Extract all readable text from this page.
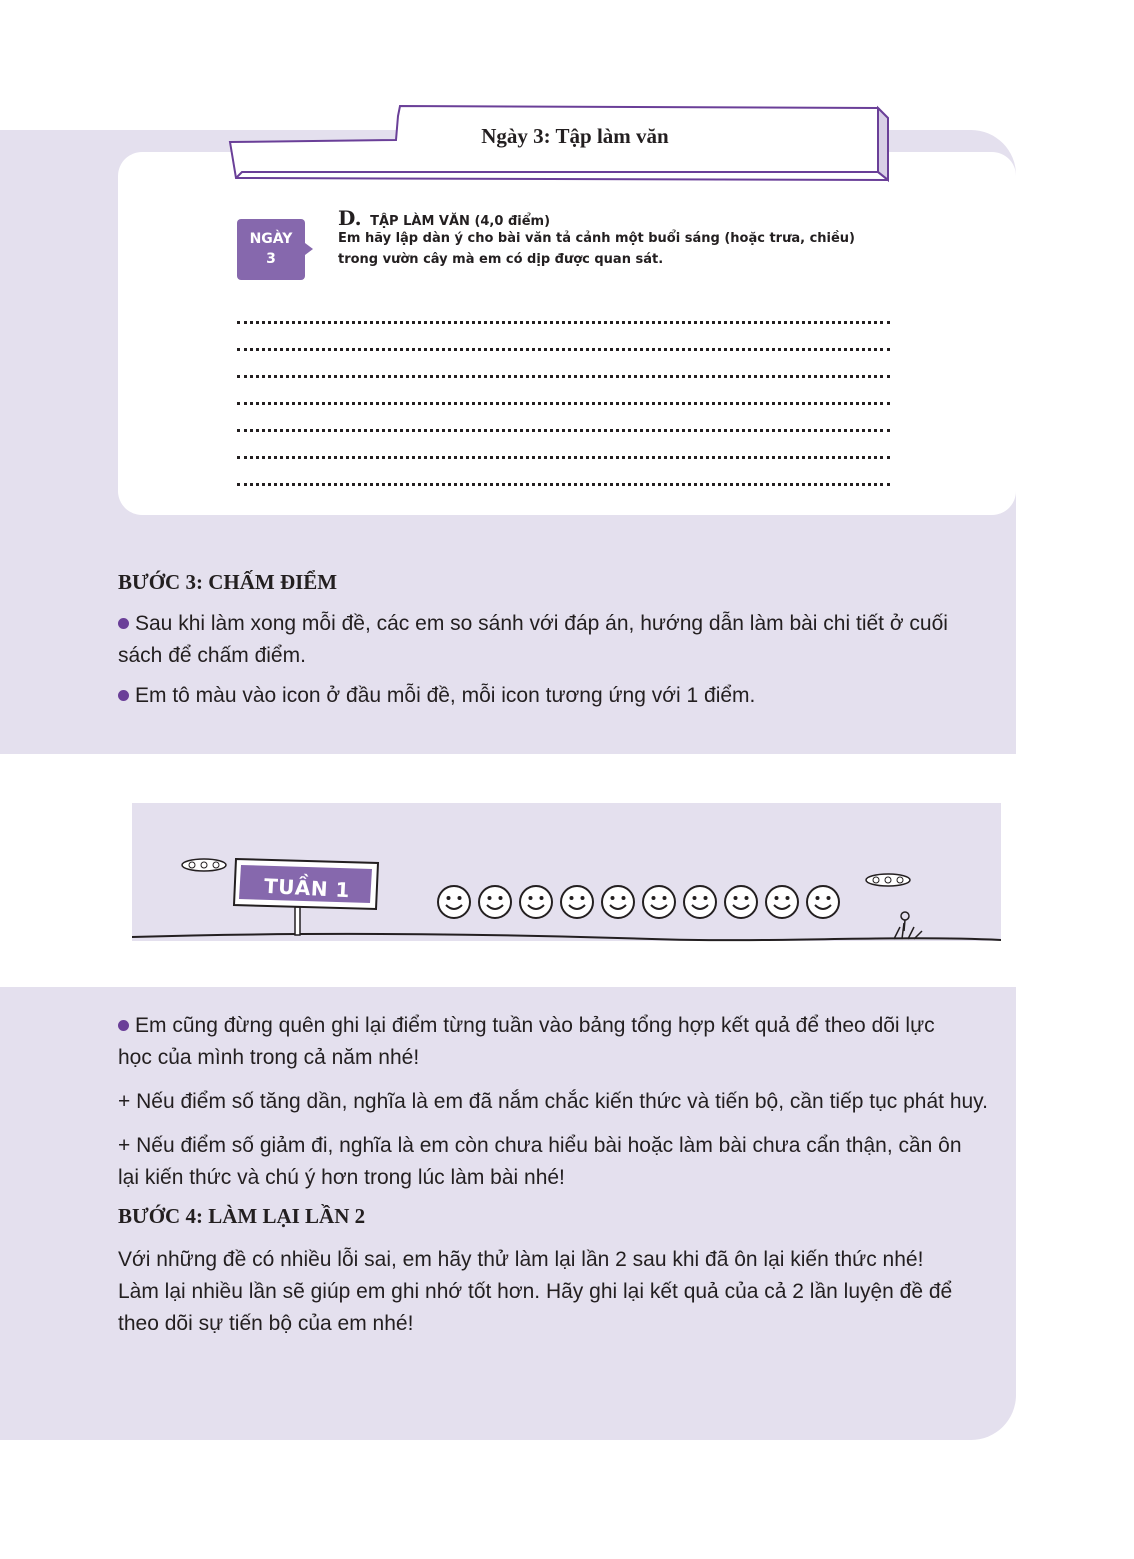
Ngày 3: Tập làm văn
NGÀY
3
D. TẬP LÀM VĂN (4,0 điểm)
Em hãy lập dàn ý cho bài văn tả cảnh một buổi sáng (hoặc trưa, chiều)
trong vườn cây mà em có dịp được quan sát.
BƯỚC 3: CHẤM ĐIỂM
Sau khi làm xong mỗi đề, các em so sánh với đáp án, hướng dẫn làm bài chi tiết ở cuối
sách để chấm điểm.
Em tô màu vào icon ở đầu mỗi đề, mỗi icon tương ứng với 1 điểm.
TUẦN 1
Em cũng đừng quên ghi lại điểm từng tuần vào bảng tổng hợp kết quả để theo dõi lực
học của mình trong cả năm nhé!
+ Nếu điểm số tăng dần, nghĩa là em đã nắm chắc kiến thức và tiến bộ, cần tiếp tục phát huy.
+ Nếu điểm số giảm đi, nghĩa là em còn chưa hiểu bài hoặc làm bài chưa cẩn thận, cần ôn
lại kiến thức và chú ý hơn trong lúc làm bài nhé!
BƯỚC 4: LÀM LẠI LẦN 2
Với những đề có nhiều lỗi sai, em hãy thử làm lại lần 2 sau khi đã ôn lại kiến thức nhé!
Làm lại nhiều lần sẽ giúp em ghi nhớ tốt hơn. Hãy ghi lại kết quả của cả 2 lần luyện đề để
theo dõi sự tiến bộ của em nhé!
